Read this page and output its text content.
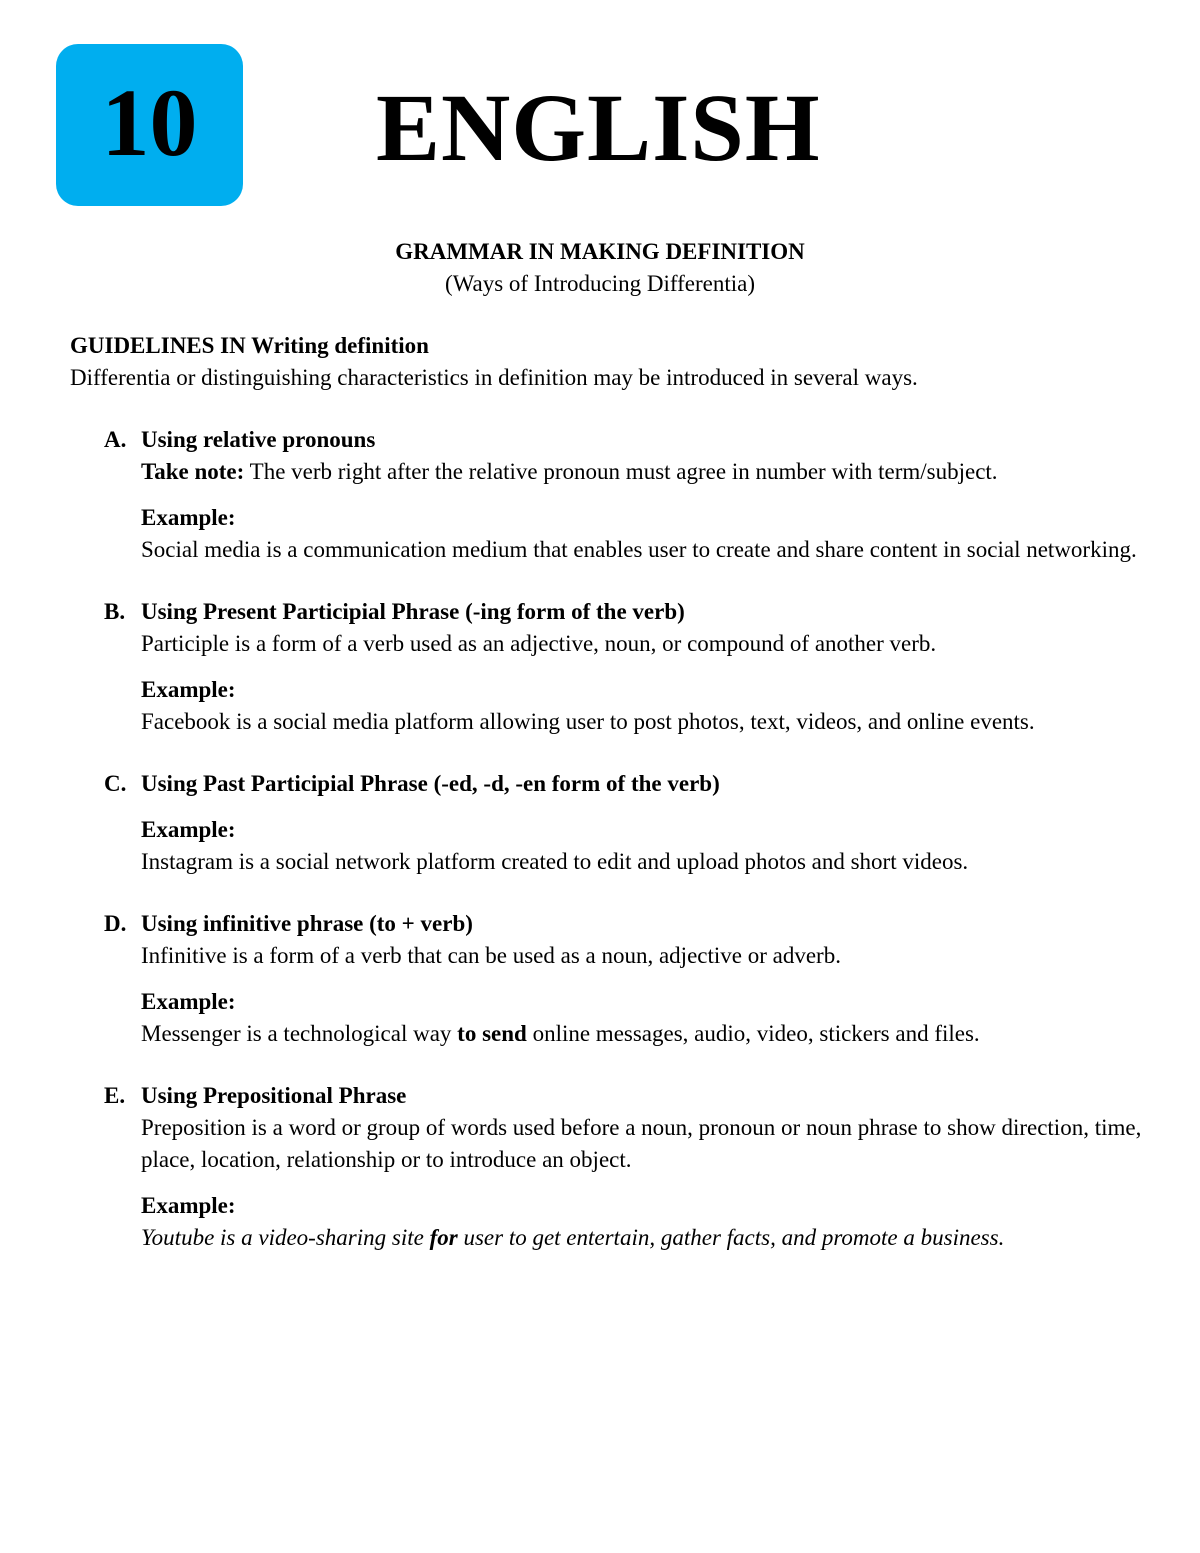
10 ENGLISH
GRAMMAR IN MAKING DEFINITION
(Ways of Introducing Differentia)
GUIDELINES IN Writing definition
Differentia or distinguishing characteristics in definition may be introduced in several ways.
A. Using relative pronouns
Take note: The verb right after the relative pronoun must agree in number with term/subject.
Example:
Social media is a communication medium that enables user to create and share content in social networking.
B. Using Present Participial Phrase (-ing form of the verb)
Participle is a form of a verb used as an adjective, noun, or compound of another verb.
Example:
Facebook is a social media platform allowing user to post photos, text, videos, and online events.
C. Using Past Participial Phrase (-ed, -d, -en form of the verb)
Example:
Instagram is a social network platform created to edit and upload photos and short videos.
D. Using infinitive phrase (to + verb)
Infinitive is a form of a verb that can be used as a noun, adjective or adverb.
Example:
Messenger is a technological way to send online messages, audio, video, stickers and files.
E. Using Prepositional Phrase
Preposition is a word or group of words used before a noun, pronoun or noun phrase to show direction, time, place, location, relationship or to introduce an object.
Example:
Youtube is a video-sharing site for user to get entertain, gather facts, and promote a business.
